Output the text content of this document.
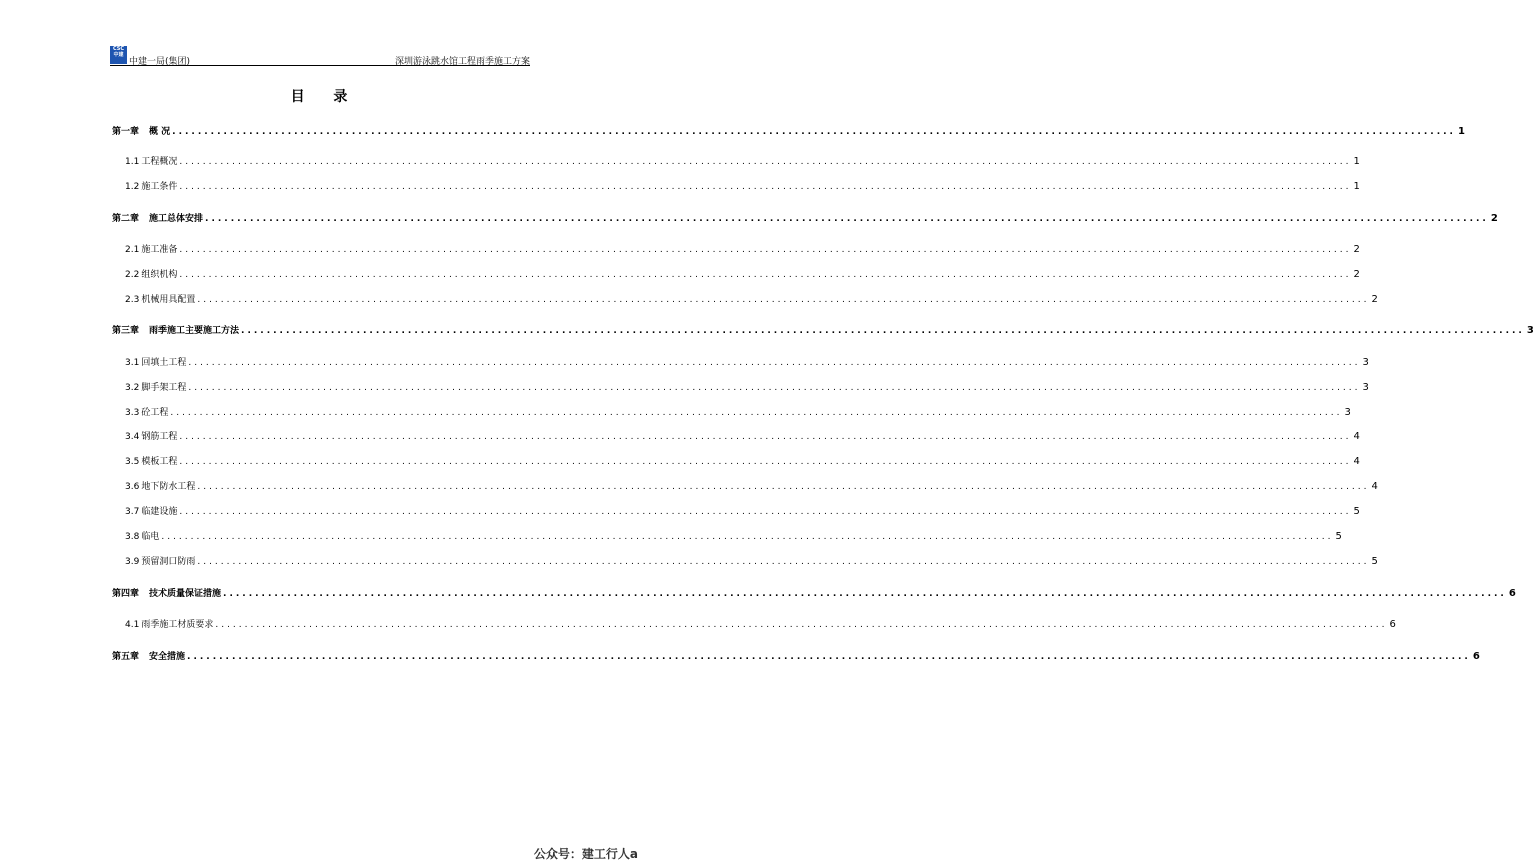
CSC
中建
中建一局(集团)	深圳游泳跳水馆工程雨季施工方案
目 录
第一章 概 况 ........................................................................................................................................................................................................ 1
1.1 工程概况 ........................................................................................................................................................................................................ 1
1.2 施工条件 ........................................................................................................................................................................................................ 1
第二章 施工总体安排 ........................................................................................................................................................................................................ 2
2.1 施工准备 ........................................................................................................................................................................................................ 2
2.2 组织机构 ........................................................................................................................................................................................................ 2
2.3 机械用具配置 ........................................................................................................................................................................................................ 2
第三章 雨季施工主要施工方法 ........................................................................................................................................................................................................ 3
3.1 回填土工程 ........................................................................................................................................................................................................ 3
3.2 脚手架工程 ........................................................................................................................................................................................................ 3
3.3 砼工程 ........................................................................................................................................................................................................ 3
3.4 钢筋工程 ........................................................................................................................................................................................................ 4
3.5 模板工程 ........................................................................................................................................................................................................ 4
3.6 地下防水工程 ........................................................................................................................................................................................................ 4
3.7 临建设施 ........................................................................................................................................................................................................ 5
3.8 临电 ........................................................................................................................................................................................................ 5
3.9 预留洞口防雨 ........................................................................................................................................................................................................ 5
第四章 技术质量保证措施 ........................................................................................................................................................................................................ 6
4.1 雨季施工材质要求 ........................................................................................................................................................................................................ 6
第五章 安全措施 ........................................................................................................................................................................................................ 6
公众号：建工行人a
